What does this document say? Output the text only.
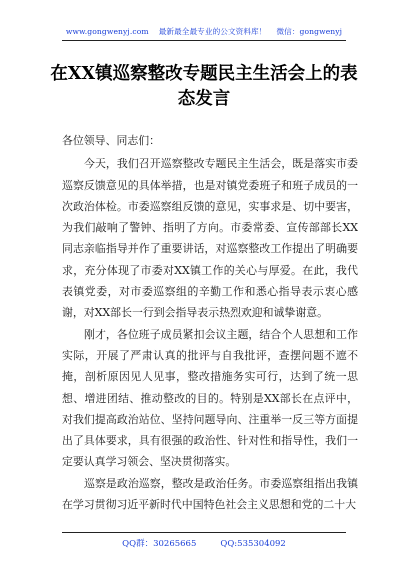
www.gongwenyj.com 最新最全最专业的公文资料库！ 微信：gongwenyj
在XX镇巡察整改专题民主生活会上的表态发言

各位领导、同志们：

今天，我们召开巡察整改专题民主生活会，既是落实市委巡察反馈意见的具体举措，也是对镇党委班子和班子成员的一次政治体检。市委巡察组反馈的意见，实事求是、切中要害，为我们敲响了警钟、指明了方向。市委常委、宣传部部长XX同志亲临指导并作了重要讲话，对巡察整改工作提出了明确要求，充分体现了市委对XX镇工作的关心与厚爱。在此，我代表镇党委，对市委巡察组的辛勤工作和悉心指导表示衷心感谢，对XX部长一行到会指导表示热烈欢迎和诚挚谢意。

刚才，各位班子成员紧扣会议主题，结合个人思想和工作实际，开展了严肃认真的批评与自我批评，查摆问题不遮不掩，剖析原因见人见事，整改措施务实可行，达到了统一思想、增进团结、推动整改的目的。特别是XX部长在点评中，对我们提高政治站位、坚持问题导向、注重举一反三等方面提出了具体要求，具有很强的政治性、针对性和指导性，我们一定要认真学习领会、坚决贯彻落实。

巡察是政治巡察，整改是政治任务。市委巡察组指出我镇在学习贯彻习近平新时代中国特色社会主义思想和党的二十大

QQ群：30265665	QQ:535304092
